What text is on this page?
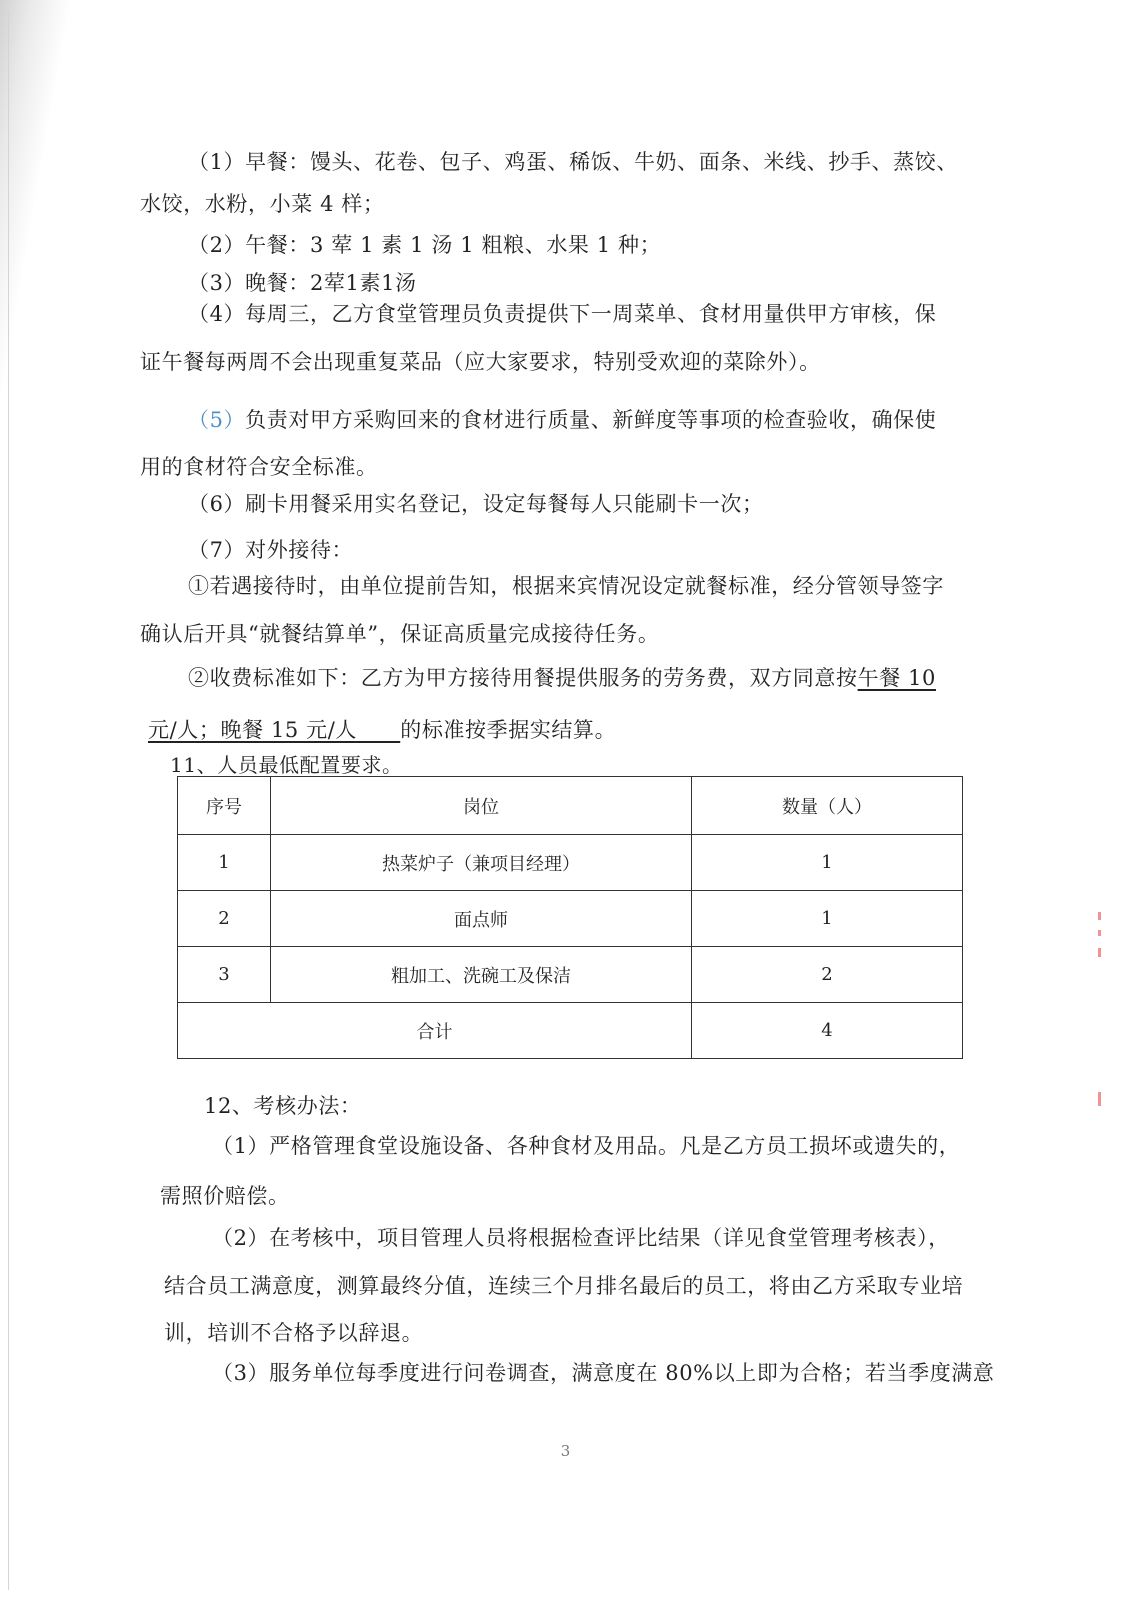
（1）早餐：馒头、花卷、包子、鸡蛋、稀饭、牛奶、面条、米线、抄手、蒸饺、
水饺，水粉，小菜 4 样；
（2）午餐：3 荤 1 素 1 汤 1 粗粮、水果 1 种；
（3）晚餐：2荤1素1汤
（4）每周三，乙方食堂管理员负责提供下一周菜单、食材用量供甲方审核，保
证午餐每两周不会出现重复菜品（应大家要求，特别受欢迎的菜除外）。
（5）负责对甲方采购回来的食材进行质量、新鲜度等事项的检查验收，确保使
用的食材符合安全标准。
（6）刷卡用餐采用实名登记，设定每餐每人只能刷卡一次；
（7）对外接待：
①若遇接待时，由单位提前告知，根据来宾情况设定就餐标准，经分管领导签字
确认后开具“就餐结算单”，保证高质量完成接待任务。
②收费标准如下：乙方为甲方接待用餐提供服务的劳务费，双方同意按午餐 10
元/人；晚餐 15 元/人　　的标准按季据实结算。
11、人员最低配置要求。
序号	岗位	数量（人）
1	热菜炉子（兼项目经理）	1
2	面点师	1
3	粗加工、洗碗工及保洁	2
合计		4
12、考核办法：
（1）严格管理食堂设施设备、各种食材及用品。凡是乙方员工损坏或遗失的，
需照价赔偿。
（2）在考核中，项目管理人员将根据检查评比结果（详见食堂管理考核表），
结合员工满意度，测算最终分值，连续三个月排名最后的员工，将由乙方采取专业培
训，培训不合格予以辞退。
（3）服务单位每季度进行问卷调查，满意度在 80%以上即为合格；若当季度满意
3
